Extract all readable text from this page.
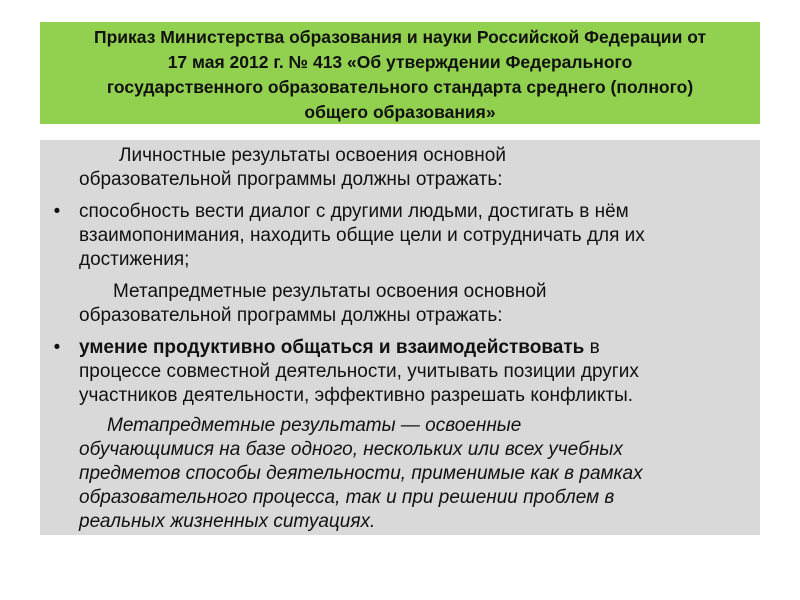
Приказ Министерства образования и науки Российской Федерации от
17 мая 2012 г. № 413 «Об утверждении Федерального
государственного образовательного стандарта среднего (полного)
общего образования»

Личностные результаты освоения основной
образовательной программы должны отражать:

• способность вести диалог с другими людьми, достигать в нём
взаимопонимания, находить общие цели и сотрудничать для их
достижения;

Метапредметные результаты освоения основной
образовательной программы должны отражать:

• умение продуктивно общаться и взаимодействовать в
процессе совместной деятельности, учитывать позиции других
участников деятельности, эффективно разрешать конфликты.

Метапредметные результаты — освоенные
обучающимися на базе одного, нескольких или всех учебных
предметов способы деятельности, применимые как в рамках
образовательного процесса, так и при решении проблем в
реальных жизненных ситуациях.
